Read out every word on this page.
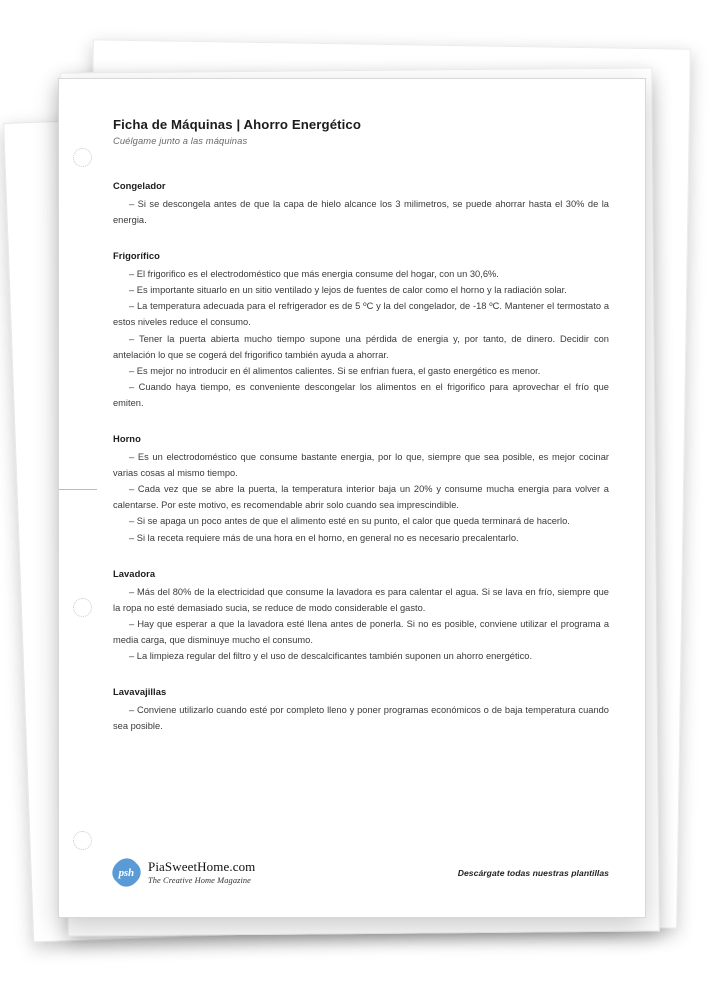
Ficha de Máquinas | Ahorro Energético

Cuélgame junto a las máquinas

Congelador
– Si se descongela antes de que la capa de hielo alcance los 3 milimetros, se puede ahorrar hasta el 30% de la energia.
Frigorífico
– El frigorifico es el electrodoméstico que más energia consume del hogar, con un 30,6%.
– Es importante situarlo en un sitio ventilado y lejos de fuentes de calor como el horno y la radiación solar.
– La temperatura adecuada para el refrigerador es de 5 ºC y la del congelador, de -18 ºC. Mantener el termostato a estos niveles reduce el consumo.
– Tener la puerta abierta mucho tiempo supone una pérdida de energia y, por tanto, de dinero. Decidir con antelación lo que se cogerá del frigorifico también ayuda a ahorrar.
– Es mejor no introducir en él alimentos calientes. Si se enfrian fuera, el gasto energético es menor.
– Cuando haya tiempo, es conveniente descongelar los alimentos en el frigorifico para aprovechar el frío que emiten.
Horno
– Es un electrodoméstico que consume bastante energia, por lo que, siempre que sea posible, es mejor cocinar varias cosas al mismo tiempo.
– Cada vez que se abre la puerta, la temperatura interior baja un 20% y consume mucha energia para volver a calentarse. Por este motivo, es recomendable abrir solo cuando sea imprescindible.
– Si se apaga un poco antes de que el alimento esté en su punto, el calor que queda terminará de hacerlo.
– Si la receta requiere más de una hora en el horno, en general no es necesario precalentarlo.
Lavadora
– Más del 80% de la electricidad que consume la lavadora es para calentar el agua. Si se lava en frío, siempre que la ropa no esté demasiado sucia, se reduce de modo considerable el gasto.
– Hay que esperar a que la lavadora esté llena antes de ponerla. Si no es posible, conviene utilizar el programa a media carga, que disminuye mucho el consumo.
– La limpieza regular del filtro y el uso de descalcificantes también suponen un ahorro energético.
Lavavajillas
– Conviene utilizarlo cuando esté por completo lleno y poner programas económicos o de baja temperatura cuando sea posible.
psh PiaSweetHome.com
The Creative Home Magazine
Descárgate todas nuestras plantillas
